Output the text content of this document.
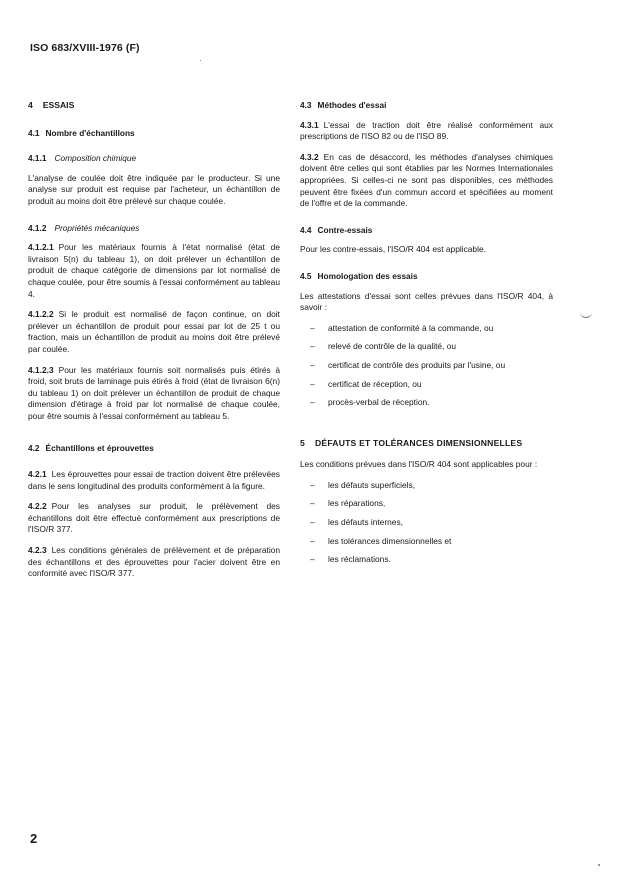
ISO 683/XVIII-1976 (F)
4 ESSAIS
4.1 Nombre d'échantillons
4.1.1 Composition chimique

L'analyse de coulée doit être indiquée par le producteur. Si une analyse sur produit est requise par l'acheteur, un échantillon de produit au moins doit être prélevé sur chaque coulée.

4.1.2 Propriétés mécaniques

4.1.2.1 Pour les matériaux fournis à l'état normalisé (état de livraison 5(n) du tableau 1), on doit prélever un échantillon de produit de chaque catégorie de dimensions par lot normalisé de chaque coulée, pour être soumis à l'essai conformément au tableau 4.

4.1.2.2 Si le produit est normalisé de façon continue, on doit prélever un échantillon de produit pour essai par lot de 25 t ou fraction, mais un échantillon de produit au moins doit être prélevé par coulée.

4.1.2.3 Pour les matériaux fournis soit normalisés puis étirés à froid, soit bruts de laminage puis étirés à froid (état de livraison 6(n) du tableau 1) on doit prélever un échantillon de produit de chaque dimension d'étirage à froid par lot normalisé de chaque coulée, pour être soumis à l'essai conformément au tableau 5.

4.2 Échantillons et éprouvettes

4.2.1 Les éprouvettes pour essai de traction doivent être prélevées dans le sens longitudinal des produits conformément à la figure.

4.2.2 Pour les analyses sur produit, le prélèvement des échantillons doit être effectué conformément aux prescriptions de l'ISO/R 377.

4.2.3 Les conditions générales de prélèvement et de préparation des échantillons et des éprouvettes pour l'acier doivent être en conformité avec l'ISO/R 377.

4.3 Méthodes d'essai

4.3.1 L'essai de traction doit être réalisé conformément aux prescriptions de l'ISO 82 ou de l'ISO 89.

4.3.2 En cas de désaccord, les méthodes d'analyses chimiques doivent être celles qui sont établies par les Normes Internationales appropriées. Si celles-ci ne sont pas disponibles, ces méthodes peuvent être fixées d'un commun accord et spécifiées au moment de l'offre et de la commande.

4.4 Contre-essais

Pour les contre-essais, l'ISO/R 404 est applicable.

4.5 Homologation des essais

Les attestations d'essai sont celles prévues dans l'ISO/R 404, à savoir :

– attestation de conformité à la commande, ou
– relevé de contrôle de la qualité, ou
– certificat de contrôle des produits par l'usine, ou
– certificat de réception, ou
– procès-verbal de réception.
5 DÉFAUTS ET TOLÉRANCES DIMENSIONNELLES

Les conditions prévues dans l'ISO/R 404 sont applicables pour :

– les défauts superficiels,
– les réparations,
– les défauts internes,
– les tolérances dimensionnelles et
– les réclamations.
2
